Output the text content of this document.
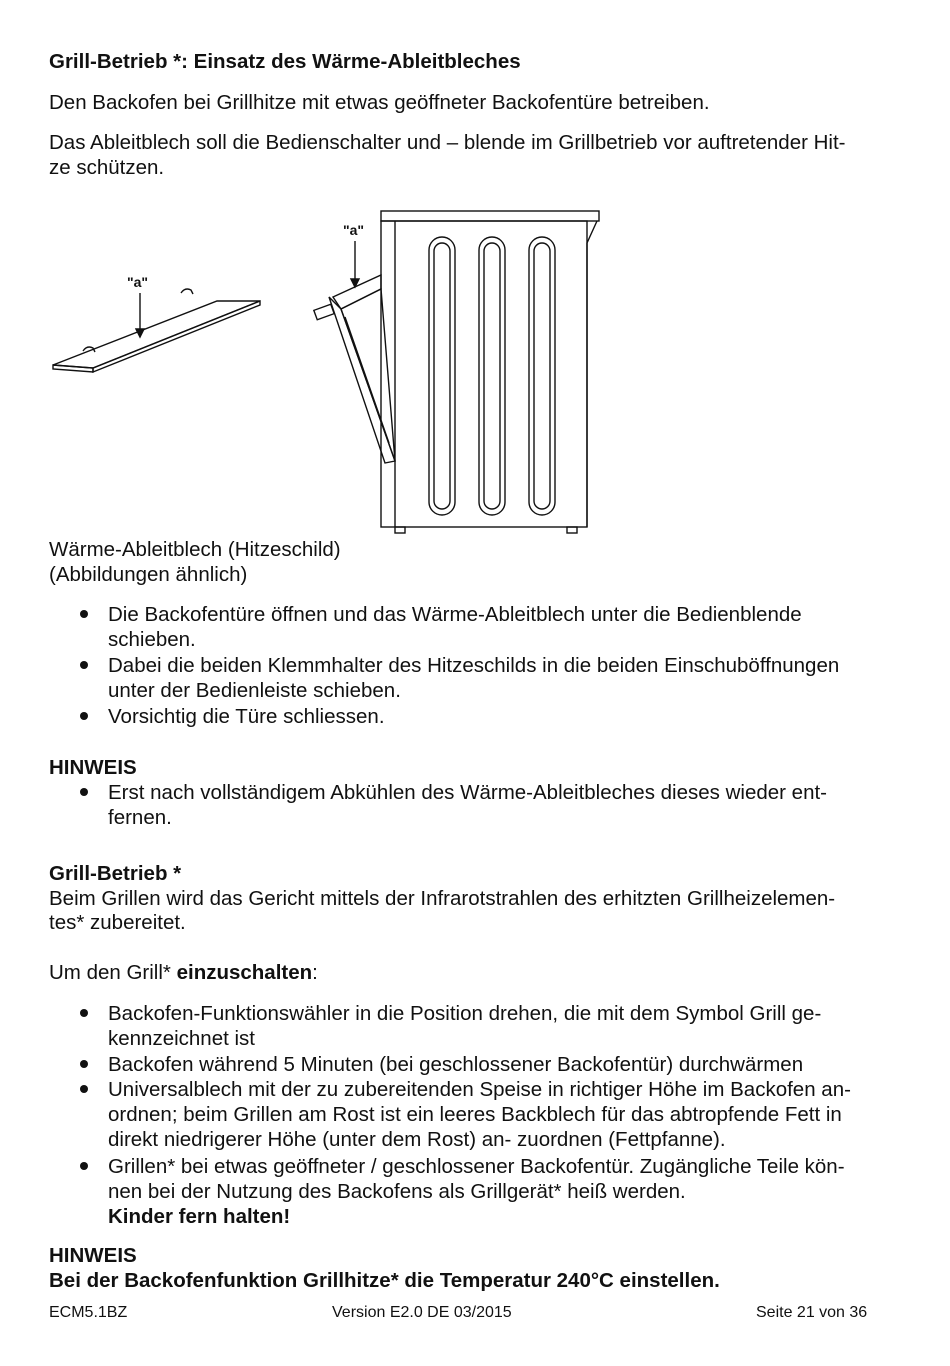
Grill-Betrieb *: Einsatz des Wärme-Ableitbleches

Den Backofen bei Grillhitze mit etwas geöffneter Backofentüre betreiben.

Das Ableitblech soll die Bedienschalter und – blende im Grillbetrieb vor auftretender Hit-

ze schützen.

"a"
"a"

Wärme-Ableitblech (Hitzeschild)

(Abbildungen ähnlich)

Die Backofentüre öffnen und das Wärme-Ableitblech unter die Bedienblende

schieben.

Dabei die beiden Klemmhalter des Hitzeschilds in die beiden Einschuböffnungen

unter der Bedienleiste schieben.

Vorsichtig die Türe schliessen.

HINWEIS

Erst nach vollständigem Abkühlen des Wärme-Ableitbleches dieses wieder ent-

fernen.

Grill-Betrieb *

Beim Grillen wird das Gericht mittels der Infrarotstrahlen des erhitzten Grillheizelemen-

tes* zubereitet.

Um den Grill* einzuschalten:

Backofen-Funktionswähler in die Position drehen, die mit dem Symbol Grill ge-

kennzeichnet ist

Backofen während 5 Minuten (bei geschlossener Backofentür) durchwärmen

Universalblech mit der zu zubereitenden Speise in richtiger Höhe im Backofen an-

ordnen; beim Grillen am Rost ist ein leeres Backblech für das abtropfende Fett in

direkt niedrigerer Höhe (unter dem Rost) an- zuordnen (Fettpfanne).

Grillen* bei etwas geöffneter / geschlossener Backofentür. Zugängliche Teile kön-

nen bei der Nutzung des Backofens als Grillgerät* heiß werden.

Kinder fern halten!

HINWEIS

Bei der Backofenfunktion Grillhitze* die Temperatur 240°C einstellen.

ECM5.1BZ	Version E2.0 DE 03/2015	Seite 21 von 36
